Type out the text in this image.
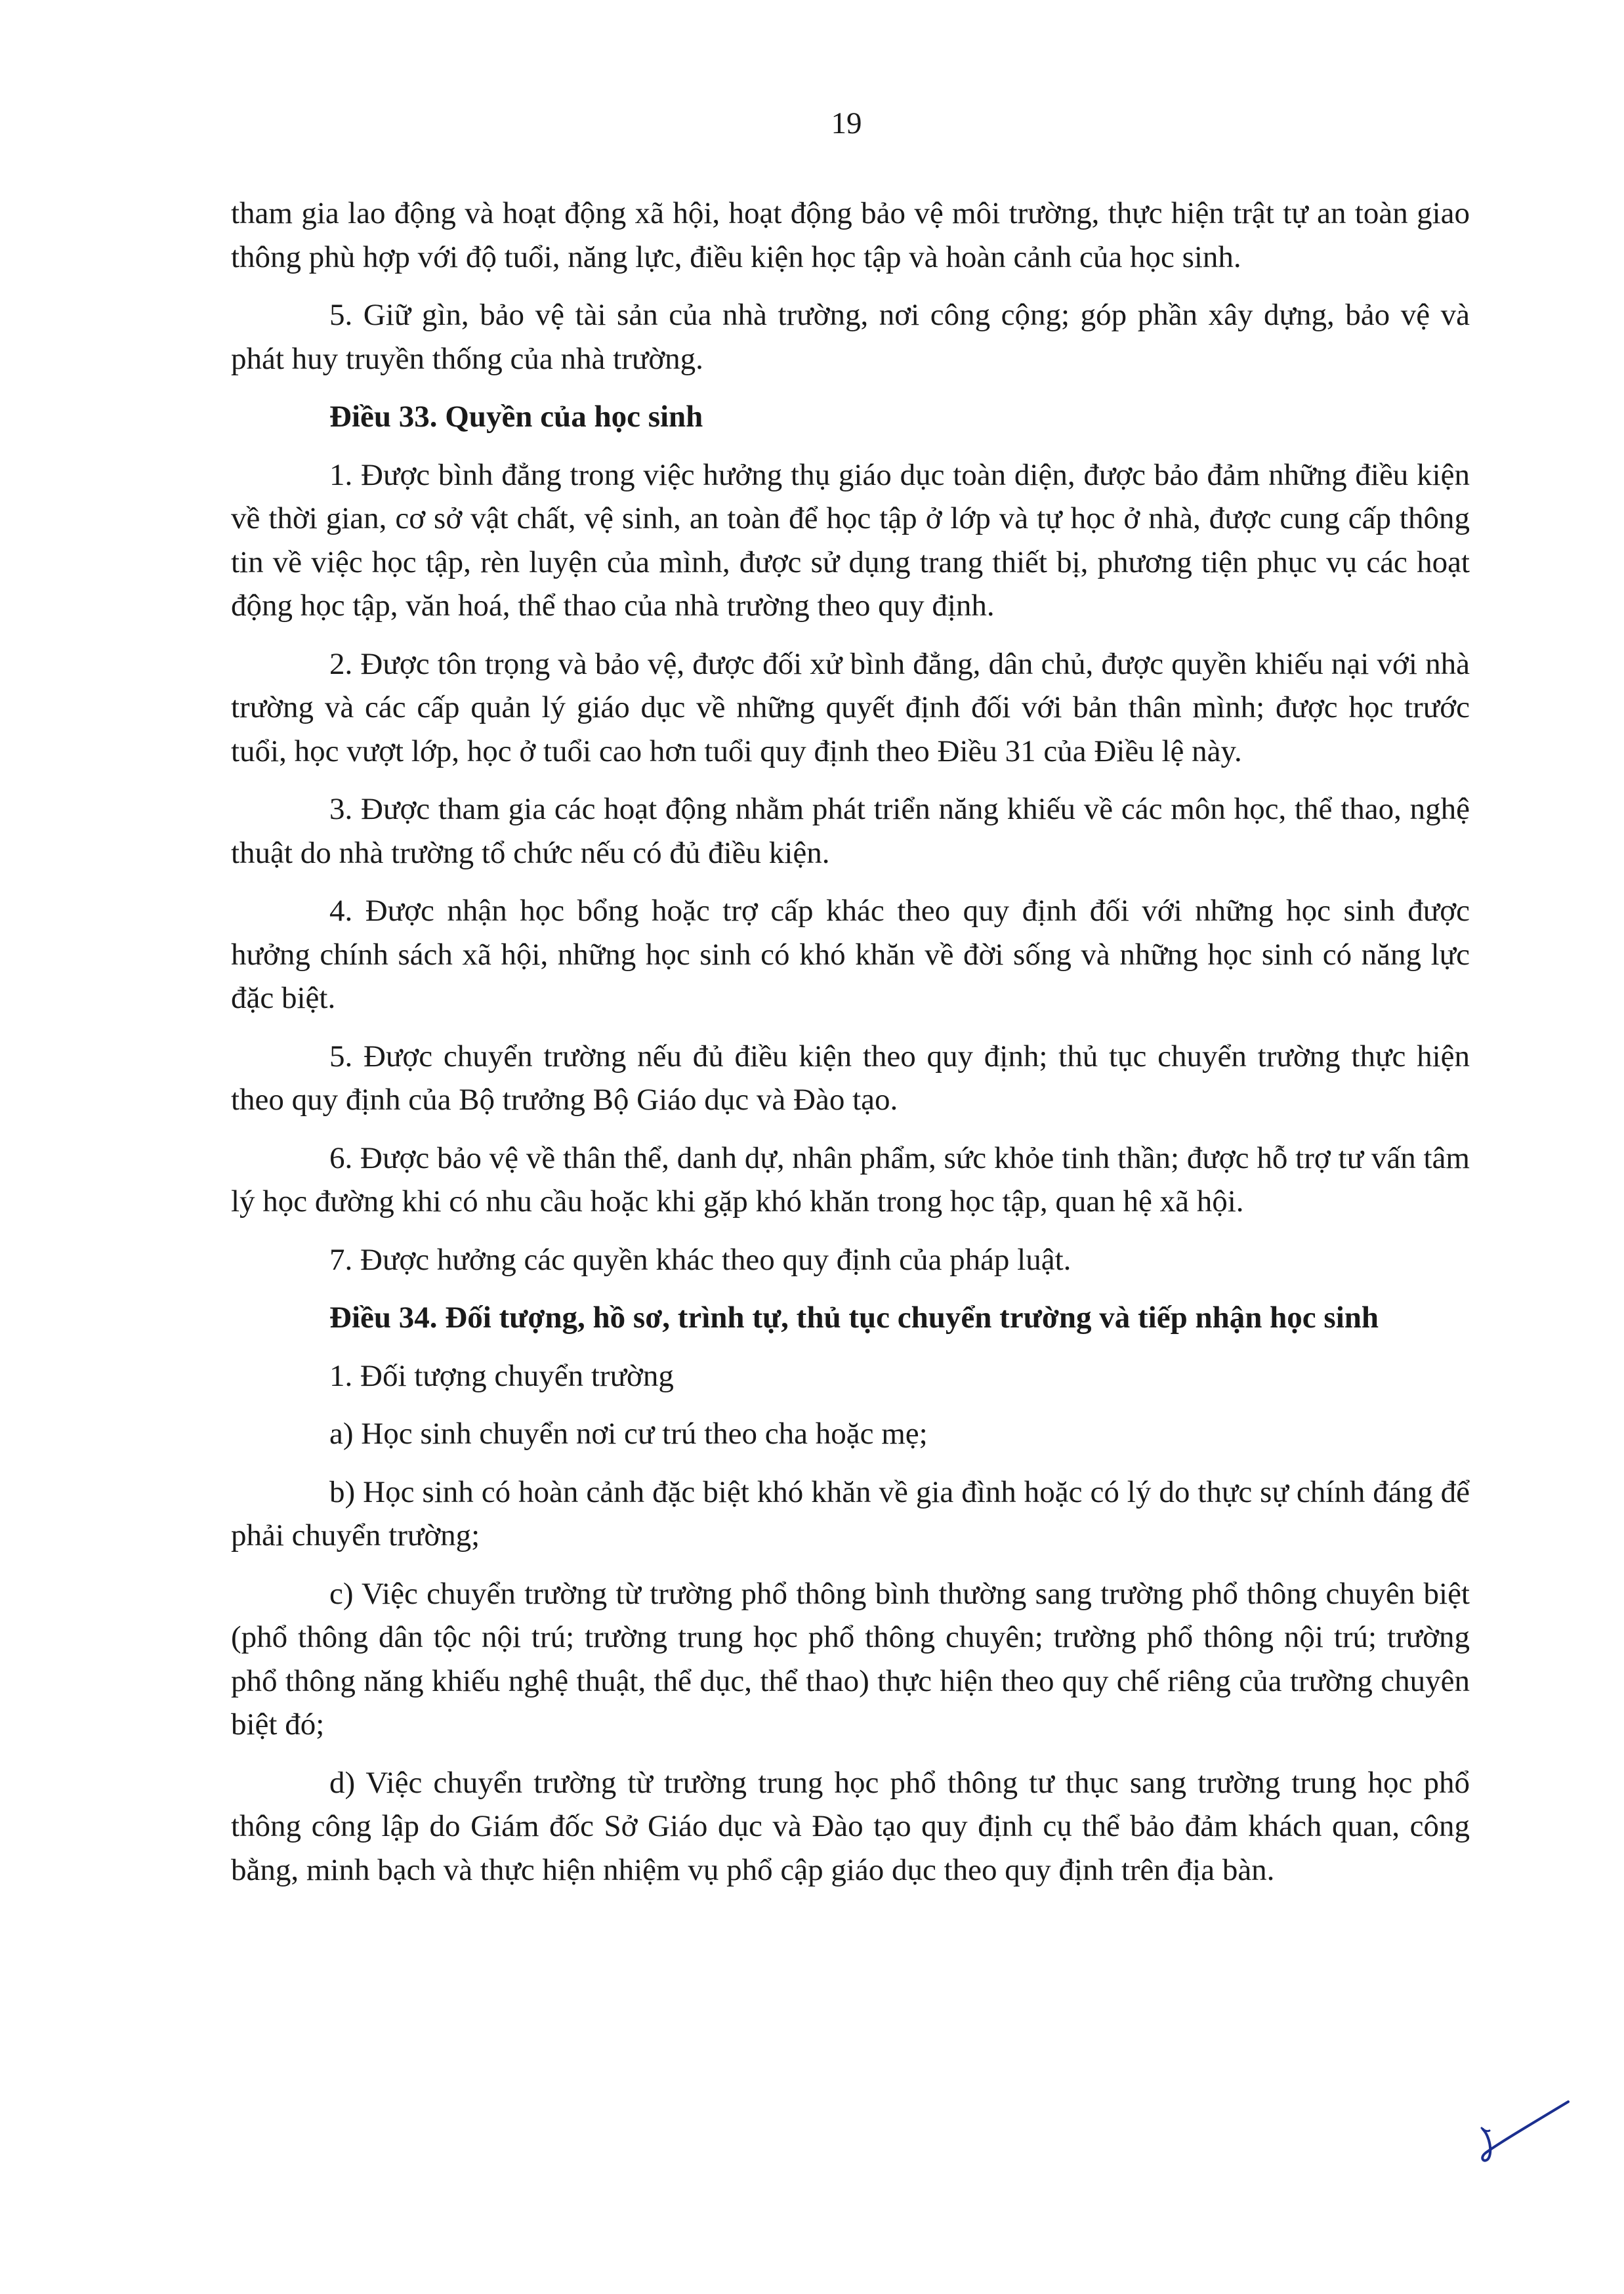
19

tham gia lao động và hoạt động xã hội, hoạt động bảo vệ môi trường, thực hiện trật tự an toàn giao thông phù hợp với độ tuổi, năng lực, điều kiện học tập và hoàn cảnh của học sinh.

5. Giữ gìn, bảo vệ tài sản của nhà trường, nơi công cộng; góp phần xây dựng, bảo vệ và phát huy truyền thống của nhà trường.

Điều 33. Quyền của học sinh

1. Được bình đẳng trong việc hưởng thụ giáo dục toàn diện, được bảo đảm những điều kiện về thời gian, cơ sở vật chất, vệ sinh, an toàn để học tập ở lớp và tự học ở nhà, được cung cấp thông tin về việc học tập, rèn luyện của mình, được sử dụng trang thiết bị, phương tiện phục vụ các hoạt động học tập, văn hoá, thể thao của nhà trường theo quy định.

2. Được tôn trọng và bảo vệ, được đối xử bình đẳng, dân chủ, được quyền khiếu nại với nhà trường và các cấp quản lý giáo dục về những quyết định đối với bản thân mình; được học trước tuổi, học vượt lớp, học ở tuổi cao hơn tuổi quy định theo Điều 31 của Điều lệ này.

3. Được tham gia các hoạt động nhằm phát triển năng khiếu về các môn học, thể thao, nghệ thuật do nhà trường tổ chức nếu có đủ điều kiện.

4. Được nhận học bổng hoặc trợ cấp khác theo quy định đối với những học sinh được hưởng chính sách xã hội, những học sinh có khó khăn về đời sống và những học sinh có năng lực đặc biệt.

5. Được chuyển trường nếu đủ điều kiện theo quy định; thủ tục chuyển trường thực hiện theo quy định của Bộ trưởng Bộ Giáo dục và Đào tạo.

6. Được bảo vệ về thân thể, danh dự, nhân phẩm, sức khỏe tinh thần; được hỗ trợ tư vấn tâm lý học đường khi có nhu cầu hoặc khi gặp khó khăn trong học tập, quan hệ xã hội.

7. Được hưởng các quyền khác theo quy định của pháp luật.

Điều 34. Đối tượng, hồ sơ, trình tự, thủ tục chuyển trường và tiếp nhận học sinh

1. Đối tượng chuyển trường

a) Học sinh chuyển nơi cư trú theo cha hoặc mẹ;

b) Học sinh có hoàn cảnh đặc biệt khó khăn về gia đình hoặc có lý do thực sự chính đáng để phải chuyển trường;

c) Việc chuyển trường từ trường phổ thông bình thường sang trường phổ thông chuyên biệt (phổ thông dân tộc nội trú; trường trung học phổ thông chuyên; trường phổ thông nội trú; trường phổ thông năng khiếu nghệ thuật, thể dục, thể thao) thực hiện theo quy chế riêng của trường chuyên biệt đó;

d) Việc chuyển trường từ trường trung học phổ thông tư thục sang trường trung học phổ thông công lập do Giám đốc Sở Giáo dục và Đào tạo quy định cụ thể bảo đảm khách quan, công bằng, minh bạch và thực hiện nhiệm vụ phổ cập giáo dục theo quy định trên địa bàn.
